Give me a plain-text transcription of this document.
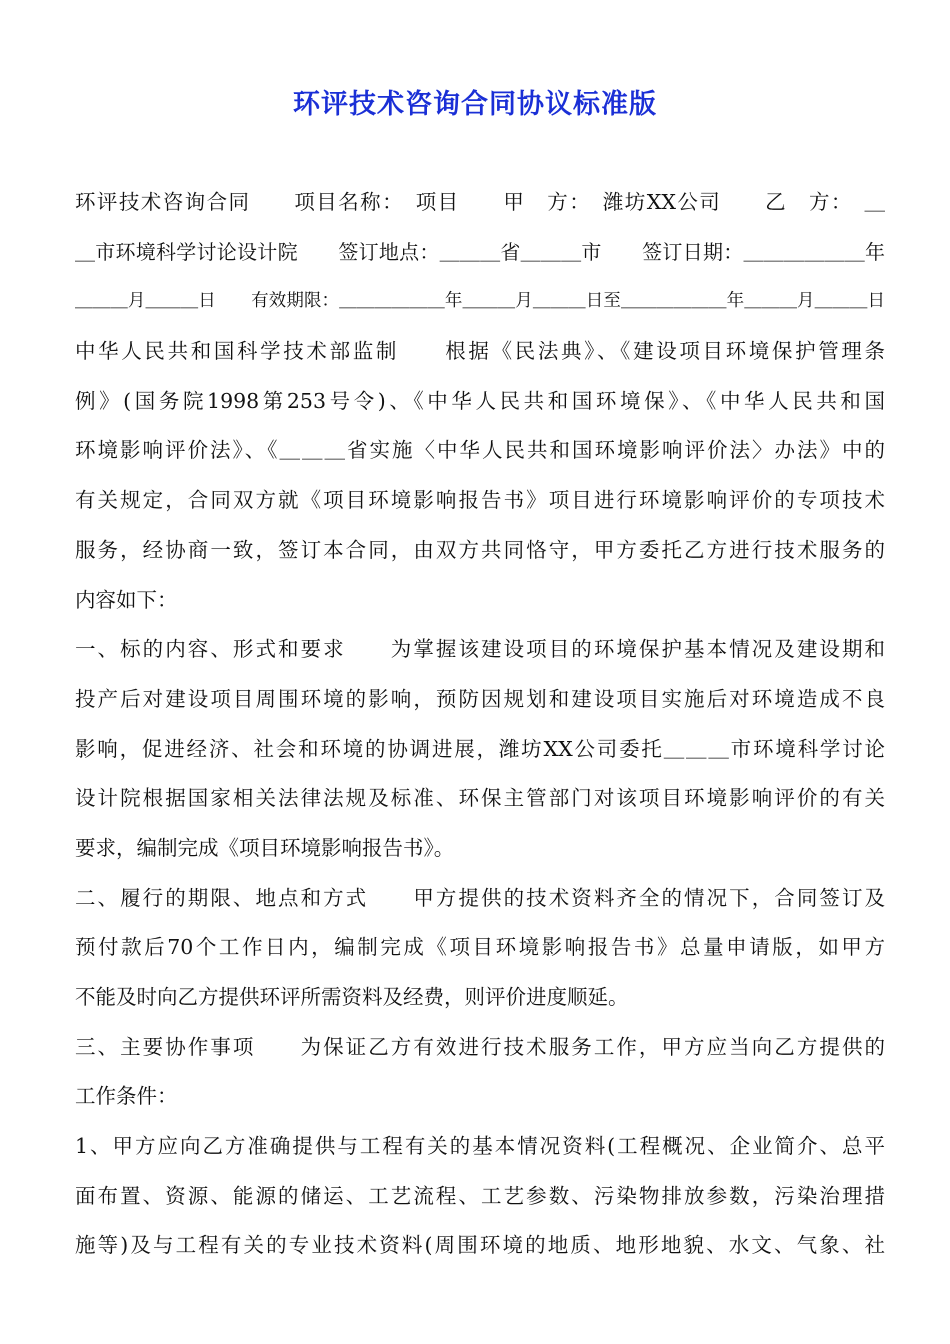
环评技术咨询合同协议标准版
环评技术咨询合同　　项目名称：　项目　　甲　方：　潍坊XX公司　　乙　方：　＿
＿市环境科学讨论设计院　　签订地点：＿＿＿省＿＿＿市　　签订日期：＿＿＿＿＿＿年
＿＿＿月＿＿＿日　　有效期限：＿＿＿＿＿＿年＿＿＿月＿＿＿日至＿＿＿＿＿＿年＿＿＿月＿＿＿日
中华人民共和国科学技术部监制　　根据《民法典》、《建设项目环境保护管理条
例》(国务院1998第253号令)、《中华人民共和国环境保》、《中华人民共和国
环境影响评价法》、《＿＿＿省实施〈中华人民共和国环境影响评价法〉办法》中的
有关规定，合同双方就《项目环境影响报告书》项目进行环境影响评价的专项技术
服务，经协商一致，签订本合同，由双方共同恪守，甲方委托乙方进行技术服务的
内容如下：
一、标的内容、形式和要求　　为掌握该建设项目的环境保护基本情况及建设期和
投产后对建设项目周围环境的影响，预防因规划和建设项目实施后对环境造成不良
影响，促进经济、社会和环境的协调进展，潍坊XX公司委托＿＿＿市环境科学讨论
设计院根据国家相关法律法规及标准、环保主管部门对该项目环境影响评价的有关
要求，编制完成《项目环境影响报告书》。
二、履行的期限、地点和方式　　甲方提供的技术资料齐全的情况下，合同签订及
预付款后70个工作日内，编制完成《项目环境影响报告书》总量申请版，如甲方
不能及时向乙方提供环评所需资料及经费，则评价进度顺延。
三、主要协作事项　　为保证乙方有效进行技术服务工作，甲方应当向乙方提供的
工作条件：
1、甲方应向乙方准确提供与工程有关的基本情况资料(工程概况、企业简介、总平
面布置、资源、能源的储运、工艺流程、工艺参数、污染物排放参数，污染治理措
施等)及与工程有关的专业技术资料(周围环境的地质、地形地貌、水文、气象、社
